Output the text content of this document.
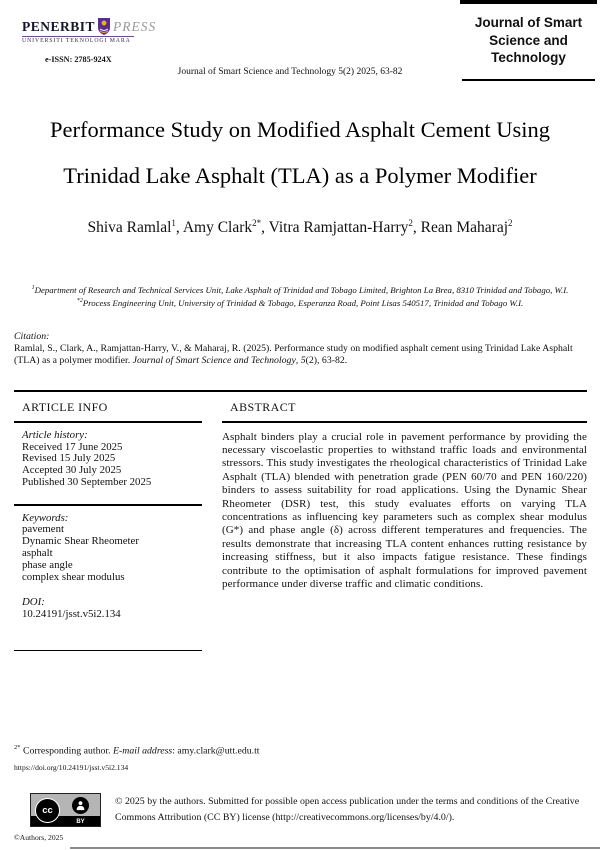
PENERBIT PRESS
UNIVERSITI TEKNOLOGI MARA
e-ISSN: 2785-924X
Journal of Smart Science and Technology 5(2) 2025, 63-82
Journal of Smart Science and Technology
Performance Study on Modified Asphalt Cement Using
Trinidad Lake Asphalt (TLA) as a Polymer Modifier
Shiva Ramlal$^1$, Amy Clark$^{2*}$, Vitra Ramjattan-Harry$^2$, Rean Maharaj$^2$
$^1$Department of Research and Technical Services Unit, Lake Asphalt of Trinidad and Tobago Limited, Brighton La Brea, 8310 Trinidad and Tobago, W.I.
$^{*2}$Process Engineering Unit, University of Trinidad & Tobago, Esperanza Road, Point Lisas 540517, Trinidad and Tobago W.I.
Citation:
Ramlal, S., Clark, A., Ramjattan-Harry, V., & Maharaj, R. (2025). Performance study on modified asphalt cement using Trinidad Lake Asphalt (TLA) as a polymer modifier. Journal of Smart Science and Technology, 5(2), 63-82.
ARTICLE INFO
Article history:
Received 17 June 2025
Revised 15 July 2025
Accepted 30 July 2025
Published 30 September 2025
Keywords:
pavement
Dynamic Shear Rheometer
asphalt
phase angle
complex shear modulus
DOI:
10.24191/jsst.v5i2.134
ABSTRACT
Asphalt binders play a crucial role in pavement performance by providing the necessary viscoelastic properties to withstand traffic loads and environmental stressors. This study investigates the rheological characteristics of Trinidad Lake Asphalt (TLA) blended with penetration grade (PEN 60/70 and PEN 160/220) binders to assess suitability for road applications. Using the Dynamic Shear Rheometer (DSR) test, this study evaluates efforts on varying TLA concentrations as influencing key parameters such as complex shear modulus (G*) and phase angle (δ) across different temperatures and frequencies. The results demonstrate that increasing TLA content enhances rutting resistance by increasing stiffness, but it also impacts fatigue resistance. These findings contribute to the optimisation of asphalt formulations for improved pavement performance under diverse traffic and climatic conditions.
$^{2*}$ Corresponding author. E-mail address: amy.clark@utt.edu.tt
https://doi.org/10.24191/jsst.v5i2.134
cc
BY
© 2025 by the authors. Submitted for possible open access publication under the terms and conditions of the Creative Commons Attribution (CC BY) license (http://creativecommons.org/licenses/by/4.0/).
©Authors, 2025
